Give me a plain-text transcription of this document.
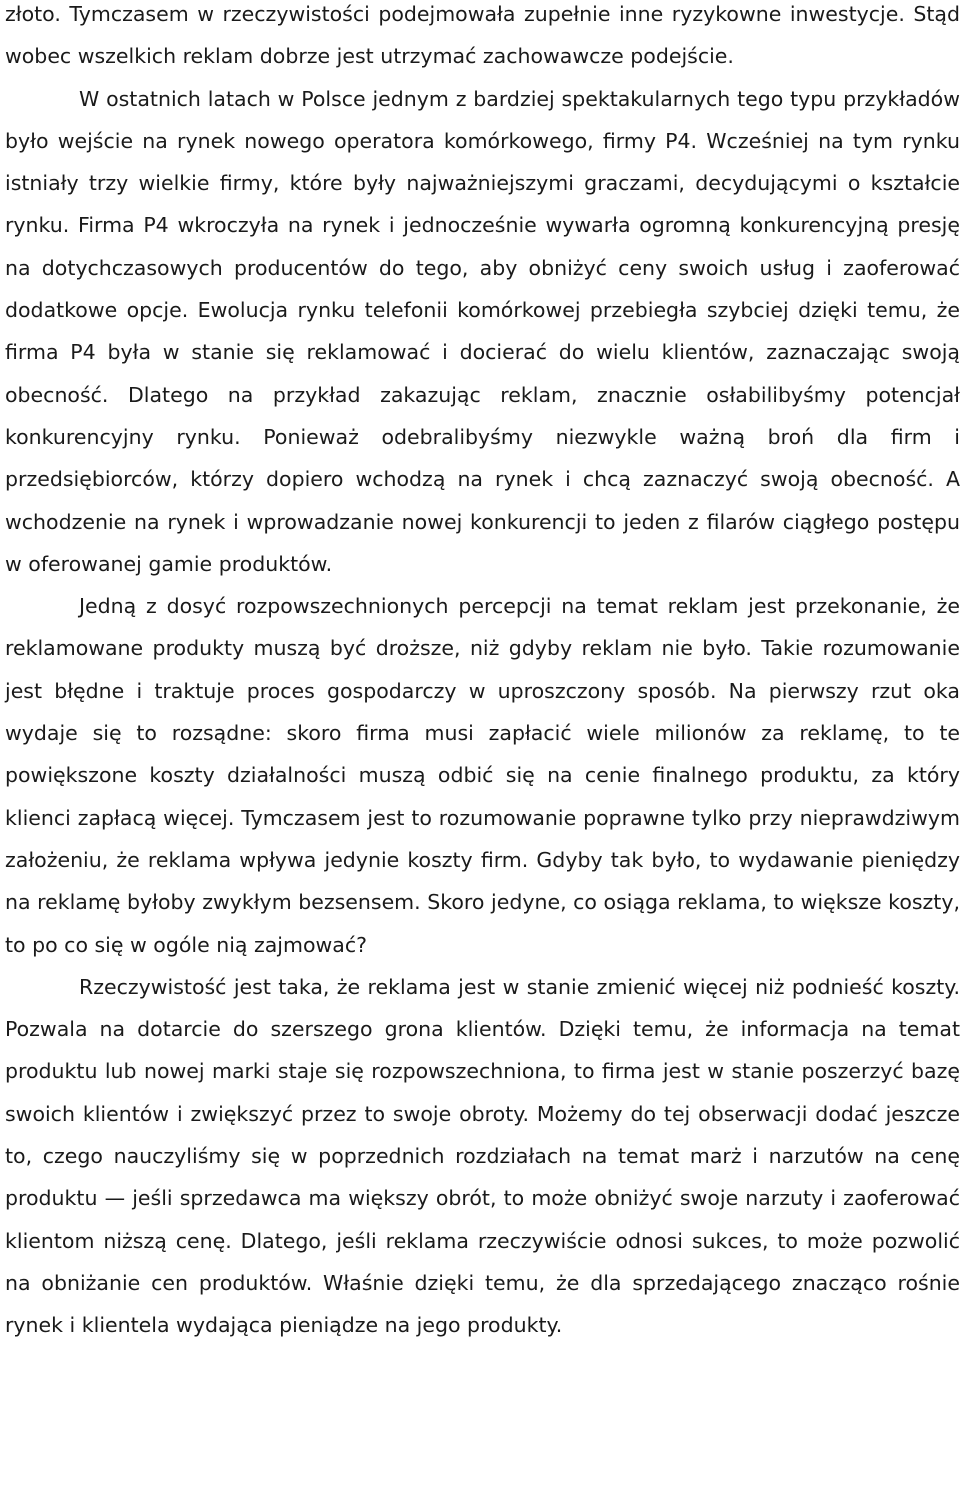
złoto. Tymczasem w rzeczywistości podejmowała zupełnie inne ryzykowne inwestycje. Stąd wobec wszelkich reklam dobrze jest utrzymać zachowawcze podejście.

W ostatnich latach w Polsce jednym z bardziej spektakularnych tego typu przykładów było wejście na rynek nowego operatora komórkowego, firmy P4. Wcześniej na tym rynku istniały trzy wielkie firmy, które były najważniejszymi graczami, decydującymi o kształcie rynku. Firma P4 wkroczyła na rynek i jednocześnie wywarła ogromną konkurencyjną presję na dotychczasowych producentów do tego, aby obniżyć ceny swoich usług i zaoferować dodatkowe opcje. Ewolucja rynku telefonii komórkowej przebiegła szybciej dzięki temu, że firma P4 była w stanie się reklamować i docierać do wielu klientów, zaznaczając swoją obecność. Dlatego na przykład zakazując reklam, znacznie osłabilibyśmy potencjał konkurencyjny rynku. Ponieważ odebralibyśmy niezwykle ważną broń dla firm i przedsiębiorców, którzy dopiero wchodzą na rynek i chcą zaznaczyć swoją obecność. A wchodzenie na rynek i wprowadzanie nowej konkurencji to jeden z filarów ciągłego postępu w oferowanej gamie produktów.

Jedną z dosyć rozpowszechnionych percepcji na temat reklam jest przekonanie, że reklamowane produkty muszą być droższe, niż gdyby reklam nie było. Takie rozumowanie jest błędne i traktuje proces gospodarczy w uproszczony sposób. Na pierwszy rzut oka wydaje się to rozsądne: skoro firma musi zapłacić wiele milionów za reklamę, to te powiększone koszty działalności muszą odbić się na cenie finalnego produktu, za który klienci zapłacą więcej. Tymczasem jest to rozumowanie poprawne tylko przy nieprawdziwym założeniu, że reklama wpływa jedynie koszty firm. Gdyby tak było, to wydawanie pieniędzy na reklamę byłoby zwykłym bezsensem. Skoro jedyne, co osiąga reklama, to większe koszty, to po co się w ogóle nią zajmować?

Rzeczywistość jest taka, że reklama jest w stanie zmienić więcej niż podnieść koszty. Pozwala na dotarcie do szerszego grona klientów. Dzięki temu, że informacja na temat produktu lub nowej marki staje się rozpowszechniona, to firma jest w stanie poszerzyć bazę swoich klientów i zwiększyć przez to swoje obroty. Możemy do tej obserwacji dodać jeszcze to, czego nauczyliśmy się w poprzednich rozdziałach na temat marż i narzutów na cenę produktu — jeśli sprzedawca ma większy obrót, to może obniżyć swoje narzuty i zaoferować klientom niższą cenę. Dlatego, jeśli reklama rzeczywiście odnosi sukces, to może pozwolić na obniżanie cen produktów. Właśnie dzięki temu, że dla sprzedającego znacząco rośnie rynek i klientela wydająca pieniądze na jego produkty.
